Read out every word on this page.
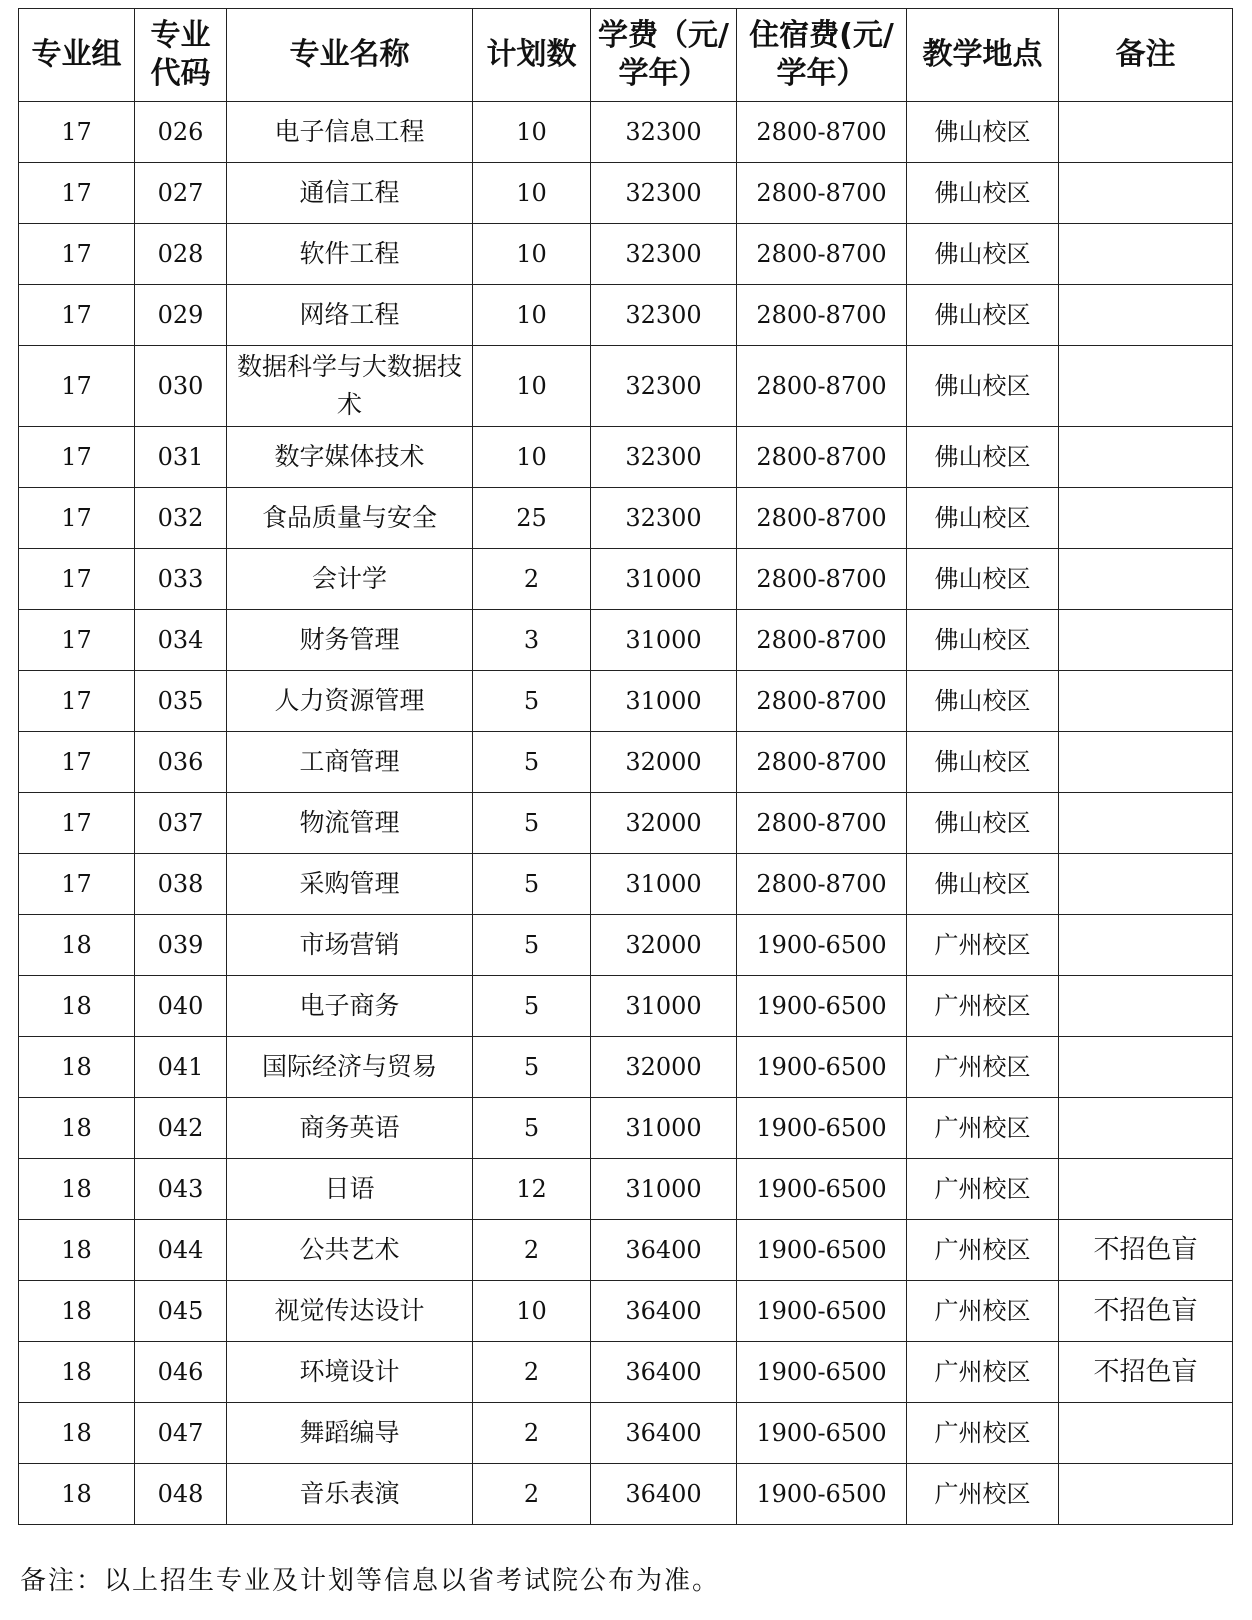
专业组	专业代码	专业名称	计划数	学费（元/学年）	住宿费(元/学年）	教学地点	备注
17	026	电子信息工程	10	32300	2800-8700	佛山校区	
17	027	通信工程	10	32300	2800-8700	佛山校区	
17	028	软件工程	10	32300	2800-8700	佛山校区	
17	029	网络工程	10	32300	2800-8700	佛山校区	
17	030	数据科学与大数据技术	10	32300	2800-8700	佛山校区	
17	031	数字媒体技术	10	32300	2800-8700	佛山校区	
17	032	食品质量与安全	25	32300	2800-8700	佛山校区	
17	033	会计学	2	31000	2800-8700	佛山校区	
17	034	财务管理	3	31000	2800-8700	佛山校区	
17	035	人力资源管理	5	31000	2800-8700	佛山校区	
17	036	工商管理	5	32000	2800-8700	佛山校区	
17	037	物流管理	5	32000	2800-8700	佛山校区	
17	038	采购管理	5	31000	2800-8700	佛山校区	
18	039	市场营销	5	32000	1900-6500	广州校区	
18	040	电子商务	5	31000	1900-6500	广州校区	
18	041	国际经济与贸易	5	32000	1900-6500	广州校区	
18	042	商务英语	5	31000	1900-6500	广州校区	
18	043	日语	12	31000	1900-6500	广州校区	
18	044	公共艺术	2	36400	1900-6500	广州校区	不招色盲
18	045	视觉传达设计	10	36400	1900-6500	广州校区	不招色盲
18	046	环境设计	2	36400	1900-6500	广州校区	不招色盲
18	047	舞蹈编导	2	36400	1900-6500	广州校区	
18	048	音乐表演	2	36400	1900-6500	广州校区	
备注：以上招生专业及计划等信息以省考试院公布为准。
